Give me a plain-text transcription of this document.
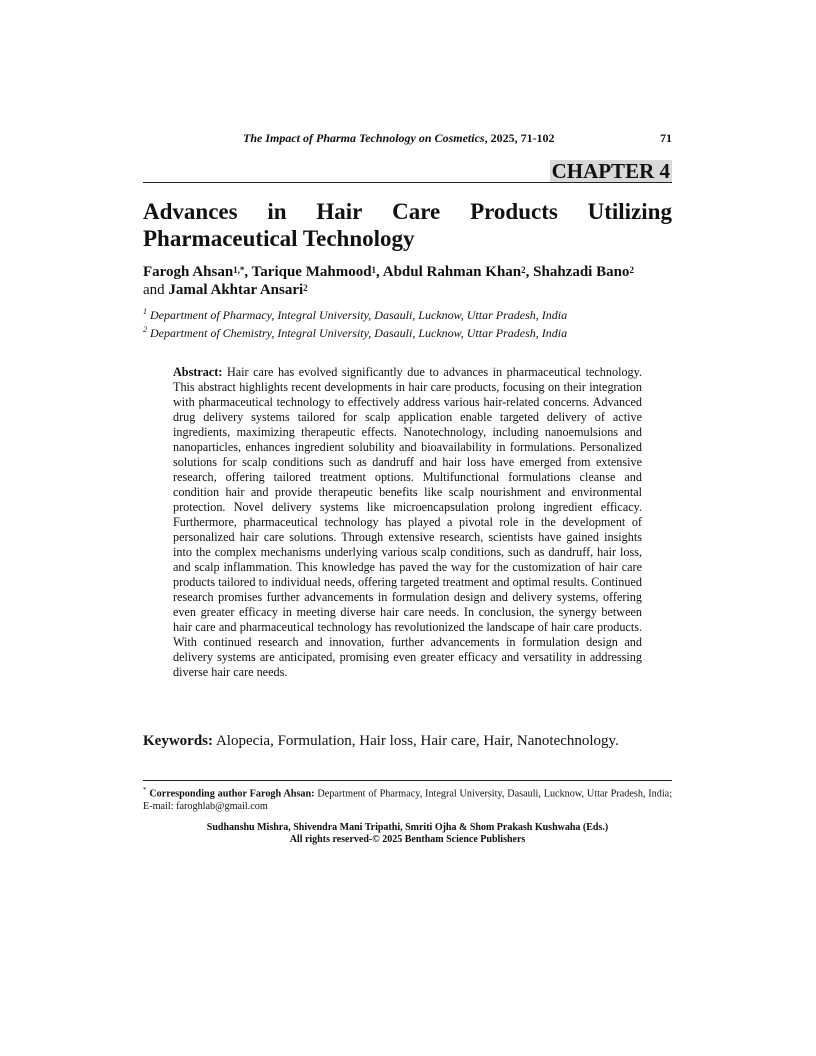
The Impact of Pharma Technology on Cosmetics, 2025, 71-102	71
CHAPTER 4
Advances in Hair Care Products Utilizing
Pharmaceutical Technology
Farogh Ahsan$^{1,*}$, Tarique Mahmood$^1$, Abdul Rahman Khan$^2$, Shahzadi Bano$^2$
and Jamal Akhtar Ansari$^2$
$^1$ Department of Pharmacy, Integral University, Dasauli, Lucknow, Uttar Pradesh, India
$^2$ Department of Chemistry, Integral University, Dasauli, Lucknow, Uttar Pradesh, India

Abstract: Hair care has evolved significantly due to advances in pharmaceutical technology. This abstract highlights recent developments in hair care products, focusing on their integration with pharmaceutical technology to effectively address various hair-related concerns. Advanced drug delivery systems tailored for scalp application enable targeted delivery of active ingredients, maximizing therapeutic effects. Nanotechnology, including nanoemulsions and nanoparticles, enhances ingredient solubility and bioavailability in formulations. Personalized solutions for scalp conditions such as dandruff and hair loss have emerged from extensive research, offering tailored treatment options. Multifunctional formulations cleanse and condition hair and provide therapeutic benefits like scalp nourishment and environmental protection. Novel delivery systems like microencapsulation prolong ingredient efficacy. Furthermore, pharmaceutical technology has played a pivotal role in the development of personalized hair care solutions. Through extensive research, scientists have gained insights into the complex mechanisms underlying various scalp conditions, such as dandruff, hair loss, and scalp inflammation. This knowledge has paved the way for the customization of hair care products tailored to individual needs, offering targeted treatment and optimal results. Continued research promises further advancements in formulation design and delivery systems, offering even greater efficacy in meeting diverse hair care needs. In conclusion, the synergy between hair care and pharmaceutical technology has revolutionized the landscape of hair care products. With continued research and innovation, further advancements in formulation design and delivery systems are anticipated, promising even greater efficacy and versatility in addressing diverse hair care needs.

Keywords: Alopecia, Formulation, Hair loss, Hair care, Hair, Nanotechnology.
* Corresponding author Farogh Ahsan: Department of Pharmacy, Integral University, Dasauli, Lucknow, Uttar Pradesh, India; E-mail: faroghlab@gmail.com
Sudhanshu Mishra, Shivendra Mani Tripathi, Smriti Ojha & Shom Prakash Kushwaha (Eds.)
All rights reserved-© 2025 Bentham Science Publishers
